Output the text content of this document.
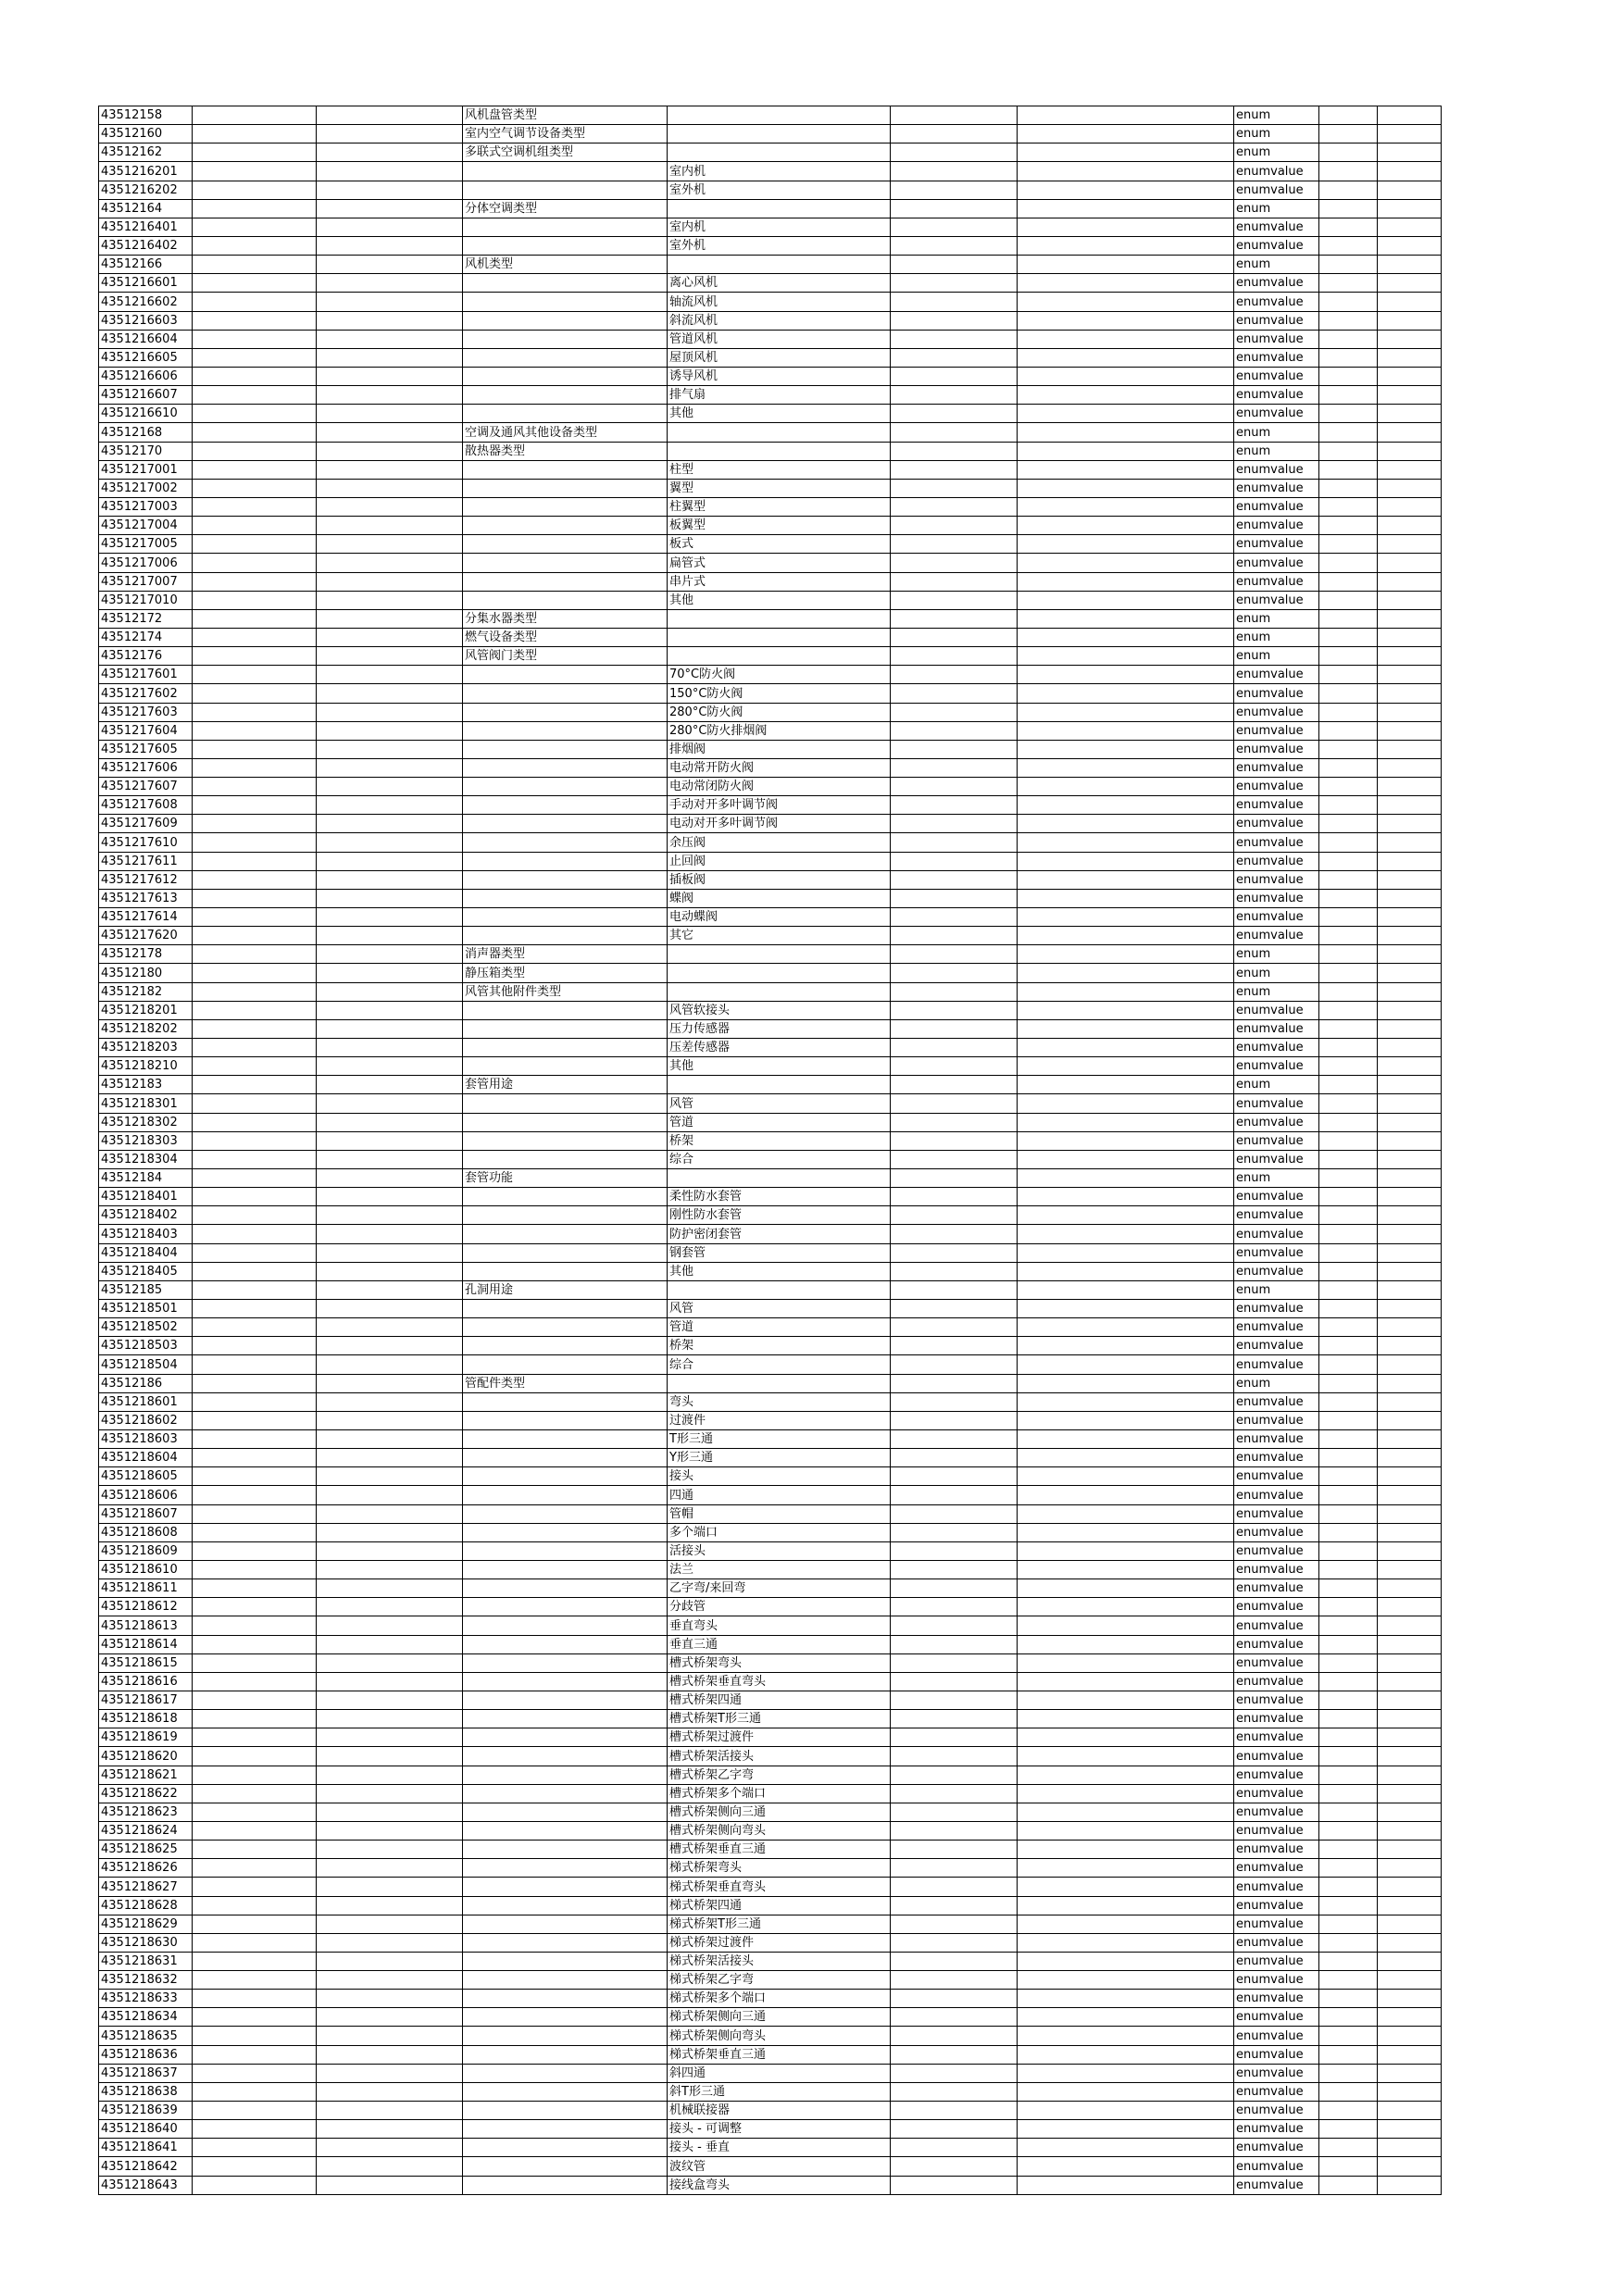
43512158			风机盘管类型				enum		
43512160			室内空气调节设备类型				enum		
43512162			多联式空调机组类型				enum		
4351216201				室内机			enumvalue		
4351216202				室外机			enumvalue		
43512164			分体空调类型				enum		
4351216401				室内机			enumvalue		
4351216402				室外机			enumvalue		
43512166			风机类型				enum		
4351216601				离心风机			enumvalue		
4351216602				轴流风机			enumvalue		
4351216603				斜流风机			enumvalue		
4351216604				管道风机			enumvalue		
4351216605				屋顶风机			enumvalue		
4351216606				诱导风机			enumvalue		
4351216607				排气扇			enumvalue		
4351216610				其他			enumvalue		
43512168			空调及通风其他设备类型				enum		
43512170			散热器类型				enum		
4351217001				柱型			enumvalue		
4351217002				翼型			enumvalue		
4351217003				柱翼型			enumvalue		
4351217004				板翼型			enumvalue		
4351217005				板式			enumvalue		
4351217006				扁管式			enumvalue		
4351217007				串片式			enumvalue		
4351217010				其他			enumvalue		
43512172			分集水器类型				enum		
43512174			燃气设备类型				enum		
43512176			风管阀门类型				enum		
4351217601				70°C防火阀			enumvalue		
4351217602				150°C防火阀			enumvalue		
4351217603				280°C防火阀			enumvalue		
4351217604				280°C防火排烟阀			enumvalue		
4351217605				排烟阀			enumvalue		
4351217606				电动常开防火阀			enumvalue		
4351217607				电动常闭防火阀			enumvalue		
4351217608				手动对开多叶调节阀			enumvalue		
4351217609				电动对开多叶调节阀			enumvalue		
4351217610				余压阀			enumvalue		
4351217611				止回阀			enumvalue		
4351217612				插板阀			enumvalue		
4351217613				蝶阀			enumvalue		
4351217614				电动蝶阀			enumvalue		
4351217620				其它			enumvalue		
43512178			消声器类型				enum		
43512180			静压箱类型				enum		
43512182			风管其他附件类型				enum		
4351218201				风管软接头			enumvalue		
4351218202				压力传感器			enumvalue		
4351218203				压差传感器			enumvalue		
4351218210				其他			enumvalue		
43512183			套管用途				enum		
4351218301				风管			enumvalue		
4351218302				管道			enumvalue		
4351218303				桥架			enumvalue		
4351218304				综合			enumvalue		
43512184			套管功能				enum		
4351218401				柔性防水套管			enumvalue		
4351218402				刚性防水套管			enumvalue		
4351218403				防护密闭套管			enumvalue		
4351218404				钢套管			enumvalue		
4351218405				其他			enumvalue		
43512185			孔洞用途				enum		
4351218501				风管			enumvalue		
4351218502				管道			enumvalue		
4351218503				桥架			enumvalue		
4351218504				综合			enumvalue		
43512186			管配件类型				enum		
4351218601				弯头			enumvalue		
4351218602				过渡件			enumvalue		
4351218603				T形三通			enumvalue		
4351218604				Y形三通			enumvalue		
4351218605				接头			enumvalue		
4351218606				四通			enumvalue		
4351218607				管帽			enumvalue		
4351218608				多个端口			enumvalue		
4351218609				活接头			enumvalue		
4351218610				法兰			enumvalue		
4351218611				乙字弯/来回弯			enumvalue		
4351218612				分歧管			enumvalue		
4351218613				垂直弯头			enumvalue		
4351218614				垂直三通			enumvalue		
4351218615				槽式桥架弯头			enumvalue		
4351218616				槽式桥架垂直弯头			enumvalue		
4351218617				槽式桥架四通			enumvalue		
4351218618				槽式桥架T形三通			enumvalue		
4351218619				槽式桥架过渡件			enumvalue		
4351218620				槽式桥架活接头			enumvalue		
4351218621				槽式桥架乙字弯			enumvalue		
4351218622				槽式桥架多个端口			enumvalue		
4351218623				槽式桥架侧向三通			enumvalue		
4351218624				槽式桥架侧向弯头			enumvalue		
4351218625				槽式桥架垂直三通			enumvalue		
4351218626				梯式桥架弯头			enumvalue		
4351218627				梯式桥架垂直弯头			enumvalue		
4351218628				梯式桥架四通			enumvalue		
4351218629				梯式桥架T形三通			enumvalue		
4351218630				梯式桥架过渡件			enumvalue		
4351218631				梯式桥架活接头			enumvalue		
4351218632				梯式桥架乙字弯			enumvalue		
4351218633				梯式桥架多个端口			enumvalue		
4351218634				梯式桥架侧向三通			enumvalue		
4351218635				梯式桥架侧向弯头			enumvalue		
4351218636				梯式桥架垂直三通			enumvalue		
4351218637				斜四通			enumvalue		
4351218638				斜T形三通			enumvalue		
4351218639				机械联接器			enumvalue		
4351218640				接头 - 可调整			enumvalue		
4351218641				接头 - 垂直			enumvalue		
4351218642				波纹管			enumvalue		
4351218643				接线盒弯头			enumvalue		
